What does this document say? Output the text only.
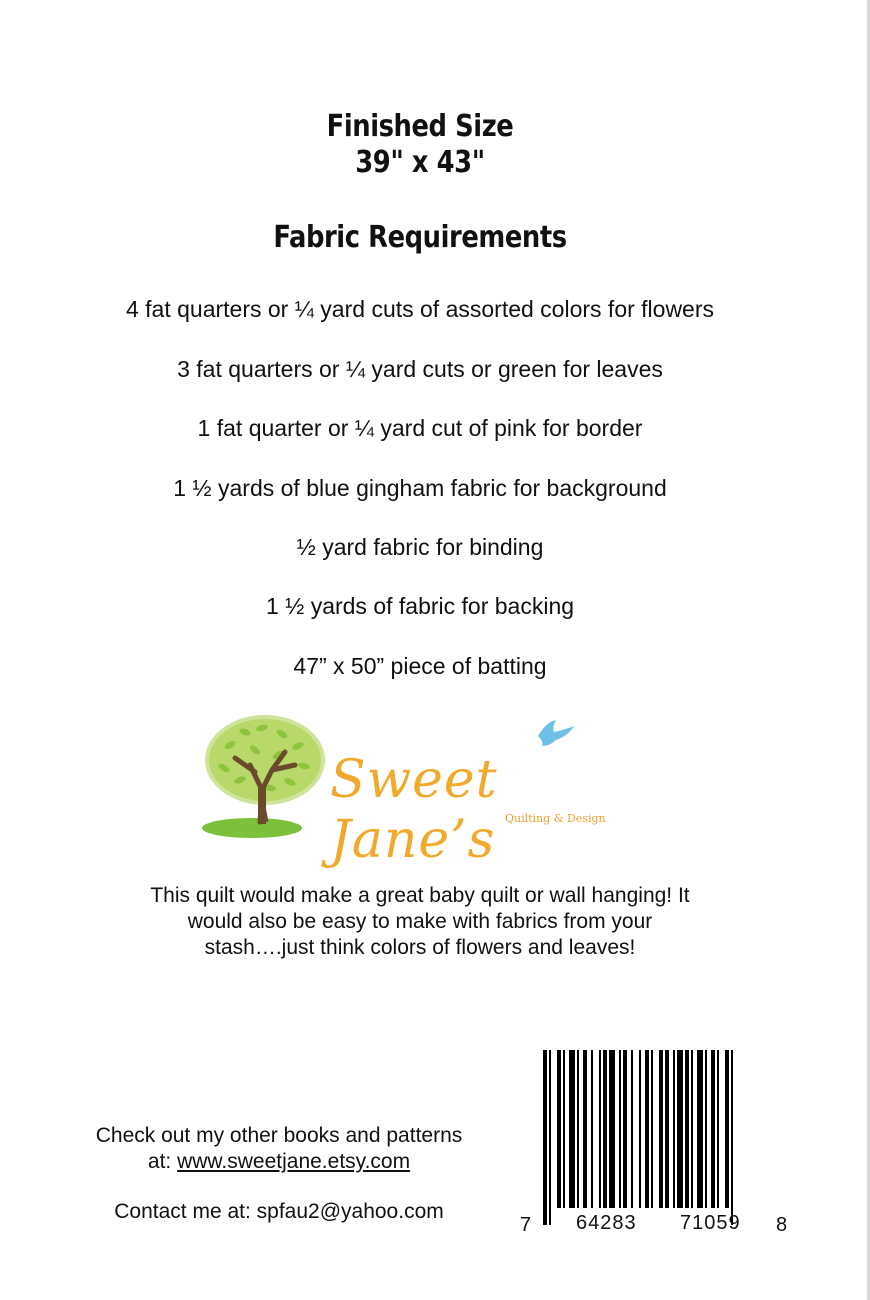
Finished Size
39" x 43"
Fabric Requirements
4 fat quarters or ¼ yard cuts of assorted colors for flowers
3 fat quarters or ¼ yard cuts or green for leaves
1 fat quarter or ¼ yard cut of pink for border
1 ½ yards of blue gingham fabric for background
½ yard fabric for binding
1 ½ yards of fabric for backing
47” x 50” piece of batting
Sweet Jane’s Quilting & Design
This quilt would make a great baby quilt or wall hanging! It
would also be easy to make with fabrics from your
stash….just think colors of flowers and leaves!
Check out my other books and patterns
at: www.sweetjane.etsy.com
Contact me at: spfau2@yahoo.com
7 64283 71059 8
